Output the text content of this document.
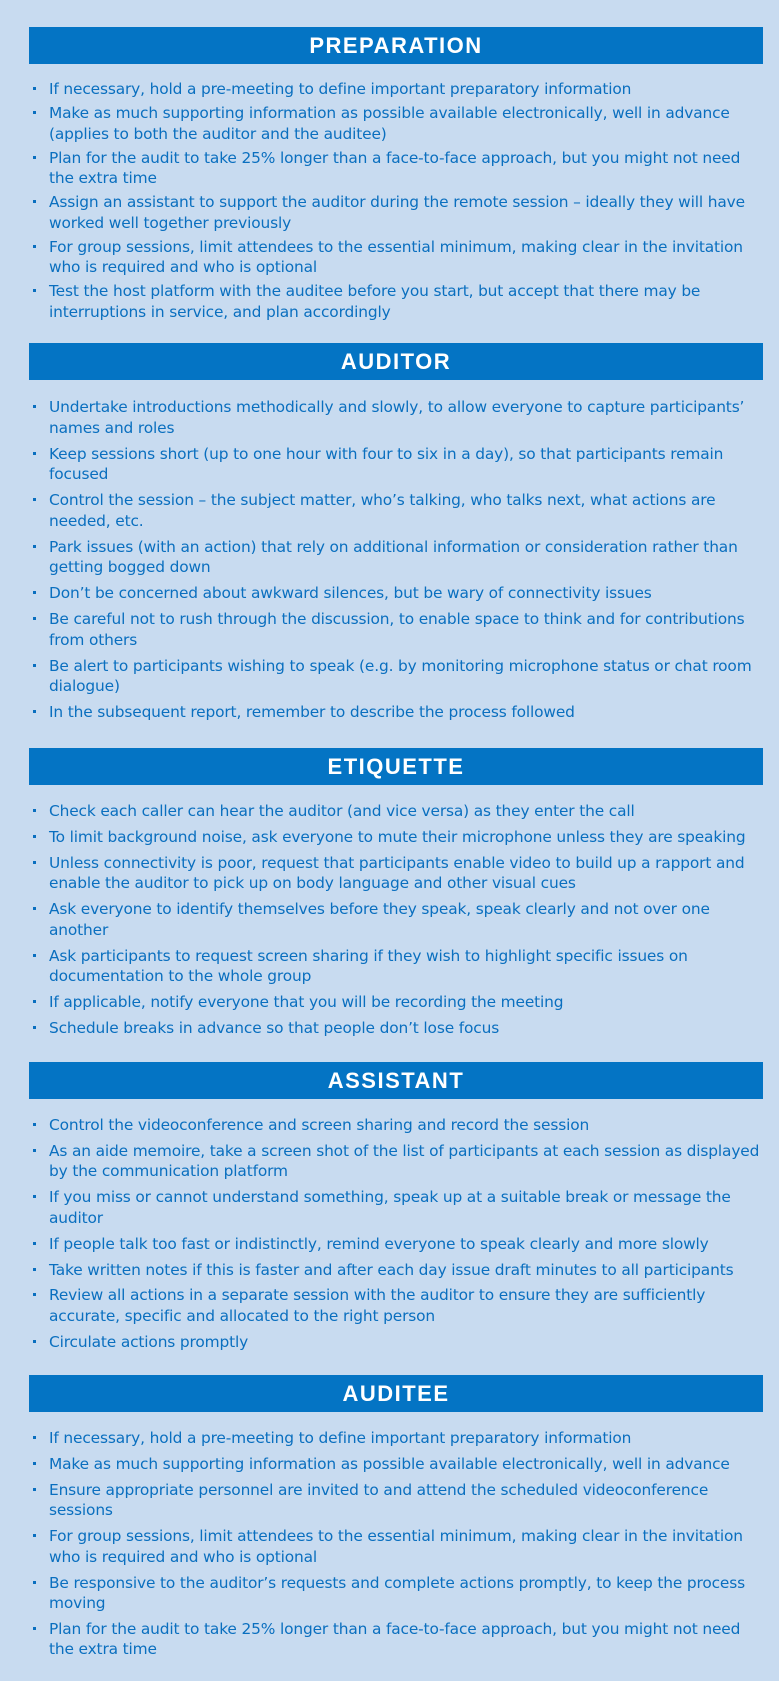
PREPARATION
If necessary, hold a pre-meeting to define important preparatory information
Make as much supporting information as possible available electronically, well in advance (applies to both the auditor and the auditee)
Plan for the audit to take 25% longer than a face-to-face approach, but you might not need the extra time
Assign an assistant to support the auditor during the remote session – ideally they will have worked well together previously
For group sessions, limit attendees to the essential minimum, making clear in the invitation who is required and who is optional
Test the host platform with the auditee before you start, but accept that there may be interruptions in service, and plan accordingly
AUDITOR
Undertake introductions methodically and slowly, to allow everyone to capture participants’ names and roles
Keep sessions short (up to one hour with four to six in a day), so that participants remain focused
Control the session – the subject matter, who’s talking, who talks next, what actions are needed, etc.
Park issues (with an action) that rely on additional information or consideration rather than getting bogged down
Don’t be concerned about awkward silences, but be wary of connectivity issues
Be careful not to rush through the discussion, to enable space to think and for contributions from others
Be alert to participants wishing to speak (e.g. by monitoring microphone status or chat room dialogue)
In the subsequent report, remember to describe the process followed
ETIQUETTE
Check each caller can hear the auditor (and vice versa) as they enter the call
To limit background noise, ask everyone to mute their microphone unless they are speaking
Unless connectivity is poor, request that participants enable video to build up a rapport and enable the auditor to pick up on body language and other visual cues
Ask everyone to identify themselves before they speak, speak clearly and not over one another
Ask participants to request screen sharing if they wish to highlight specific issues on documentation to the whole group
If applicable, notify everyone that you will be recording the meeting
Schedule breaks in advance so that people don’t lose focus
ASSISTANT
Control the videoconference and screen sharing and record the session
As an aide memoire, take a screen shot of the list of participants at each session as displayed by the communication platform
If you miss or cannot understand something, speak up at a suitable break or message the auditor
If people talk too fast or indistinctly, remind everyone to speak clearly and more slowly
Take written notes if this is faster and after each day issue draft minutes to all participants
Review all actions in a separate session with the auditor to ensure they are sufficiently accurate, specific and allocated to the right person
Circulate actions promptly
AUDITEE
If necessary, hold a pre-meeting to define important preparatory information
Make as much supporting information as possible available electronically, well in advance
Ensure appropriate personnel are invited to and attend the scheduled videoconference sessions
For group sessions, limit attendees to the essential minimum, making clear in the invitation who is required and who is optional
Be responsive to the auditor’s requests and complete actions promptly, to keep the process moving
Plan for the audit to take 25% longer than a face-to-face approach, but you might not need the extra time
